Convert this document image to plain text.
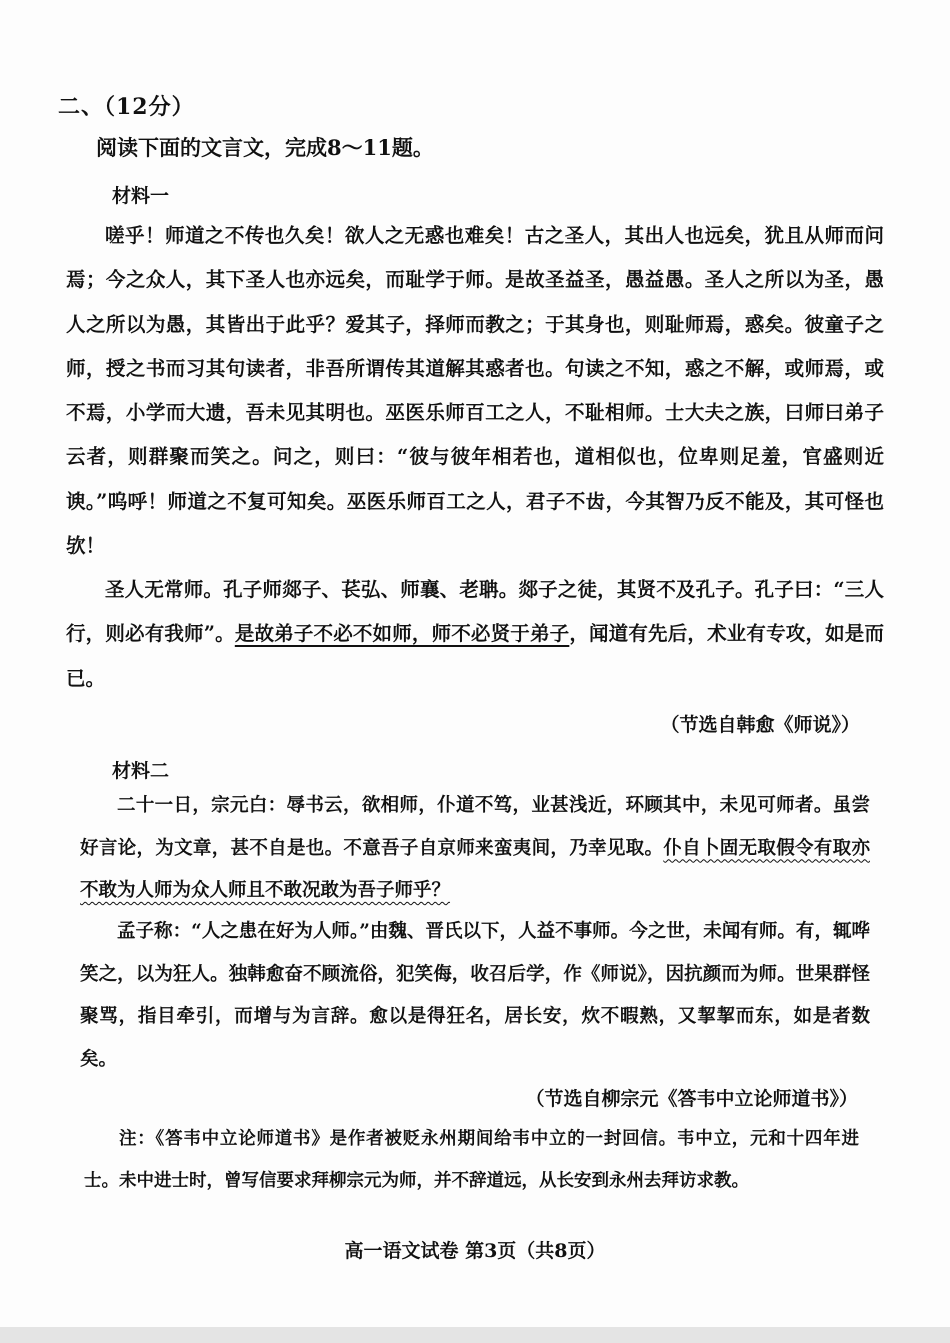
二、（12分）
阅读下面的文言文，完成8～11题。
材料一

嗟乎！师道之不传也久矣！欲人之无惑也难矣！古之圣人，其出人也远矣，犹且从师而问焉；今之众人，其下圣人也亦远矣，而耻学于师。是故圣益圣，愚益愚。圣人之所以为圣，愚人之所以为愚，其皆出于此乎？爱其子，择师而教之；于其身也，则耻师焉，惑矣。彼童子之师，授之书而习其句读者，非吾所谓传其道解其惑者也。句读之不知，惑之不解，或师焉，或不焉，小学而大遗，吾未见其明也。巫医乐师百工之人，不耻相师。士大夫之族，曰师曰弟子云者，则群聚而笑之。问之，则曰：“彼与彼年相若也，道相似也，位卑则足羞，官盛则近谀。”呜呼！师道之不复可知矣。巫医乐师百工之人，君子不齿，今其智乃反不能及，其可怪也欤！

圣人无常师。孔子师郯子、苌弘、师襄、老聃。郯子之徒，其贤不及孔子。孔子曰：“三人行，则必有我师”。是故弟子不必不如师，师不必贤于弟子，闻道有先后，术业有专攻，如是而已。

（节选自韩愈《师说》）
材料二

二十一日，宗元白：辱书云，欲相师，仆道不笃，业甚浅近，环顾其中，未见可师者。虽尝好言论，为文章，甚不自是也。不意吾子自京师来蛮夷间，乃幸见取。仆自卜固无取假令有取亦不敢为人师为众人师且不敢况敢为吾子师乎？

孟子称：“人之患在好为人师。”由魏、晋氏以下，人益不事师。今之世，未闻有师。有，辄哗笑之，以为狂人。独韩愈奋不顾流俗，犯笑侮，收召后学，作《师说》，因抗颜而为师。世果群怪聚骂，指目牵引，而增与为言辞。愈以是得狂名，居长安，炊不暇熟，又挈挈而东，如是者数矣。

（节选自柳宗元《答韦中立论师道书》）

注：《答韦中立论师道书》是作者被贬永州期间给韦中立的一封回信。韦中立，元和十四年进士。未中进士时，曾写信要求拜柳宗元为师，并不辞道远，从长安到永州去拜访求教。

高一语文试卷 第3页（共8页）
